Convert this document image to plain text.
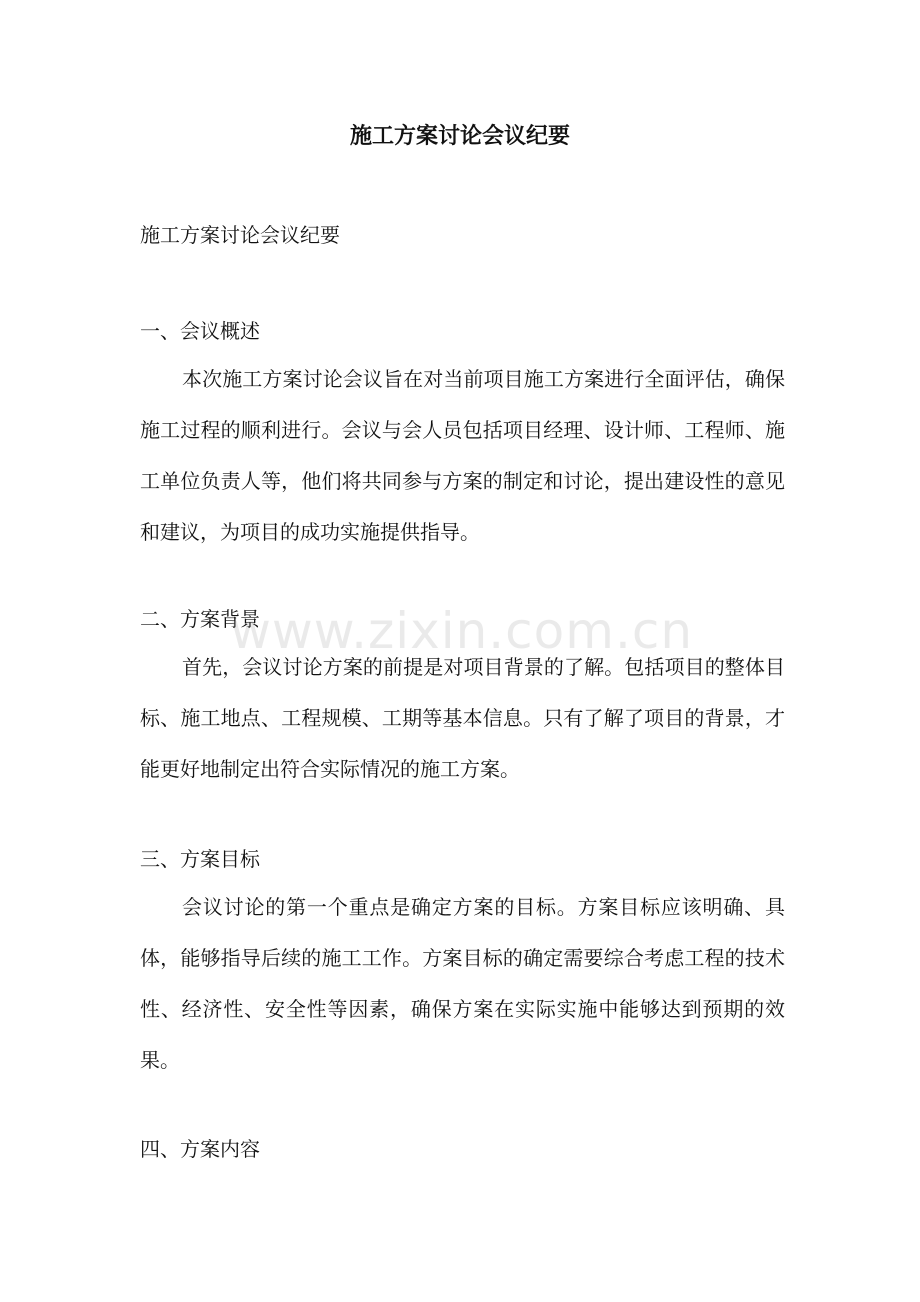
施工方案讨论会议纪要
施工方案讨论会议纪要

一、会议概述

本次施工方案讨论会议旨在对当前项目施工方案进行全面评估，确保施工过程的顺利进行。会议与会人员包括项目经理、设计师、工程师、施工单位负责人等，他们将共同参与方案的制定和讨论，提出建设性的意见和建议，为项目的成功实施提供指导。

二、方案背景

首先，会议讨论方案的前提是对项目背景的了解。包括项目的整体目标、施工地点、工程规模、工期等基本信息。只有了解了项目的背景，才能更好地制定出符合实际情况的施工方案。

三、方案目标

会议讨论的第一个重点是确定方案的目标。方案目标应该明确、具体，能够指导后续的施工工作。方案目标的确定需要综合考虑工程的技术性、经济性、安全性等因素，确保方案在实际实施中能够达到预期的效果。

四、方案内容

www.zixin.com.cn
